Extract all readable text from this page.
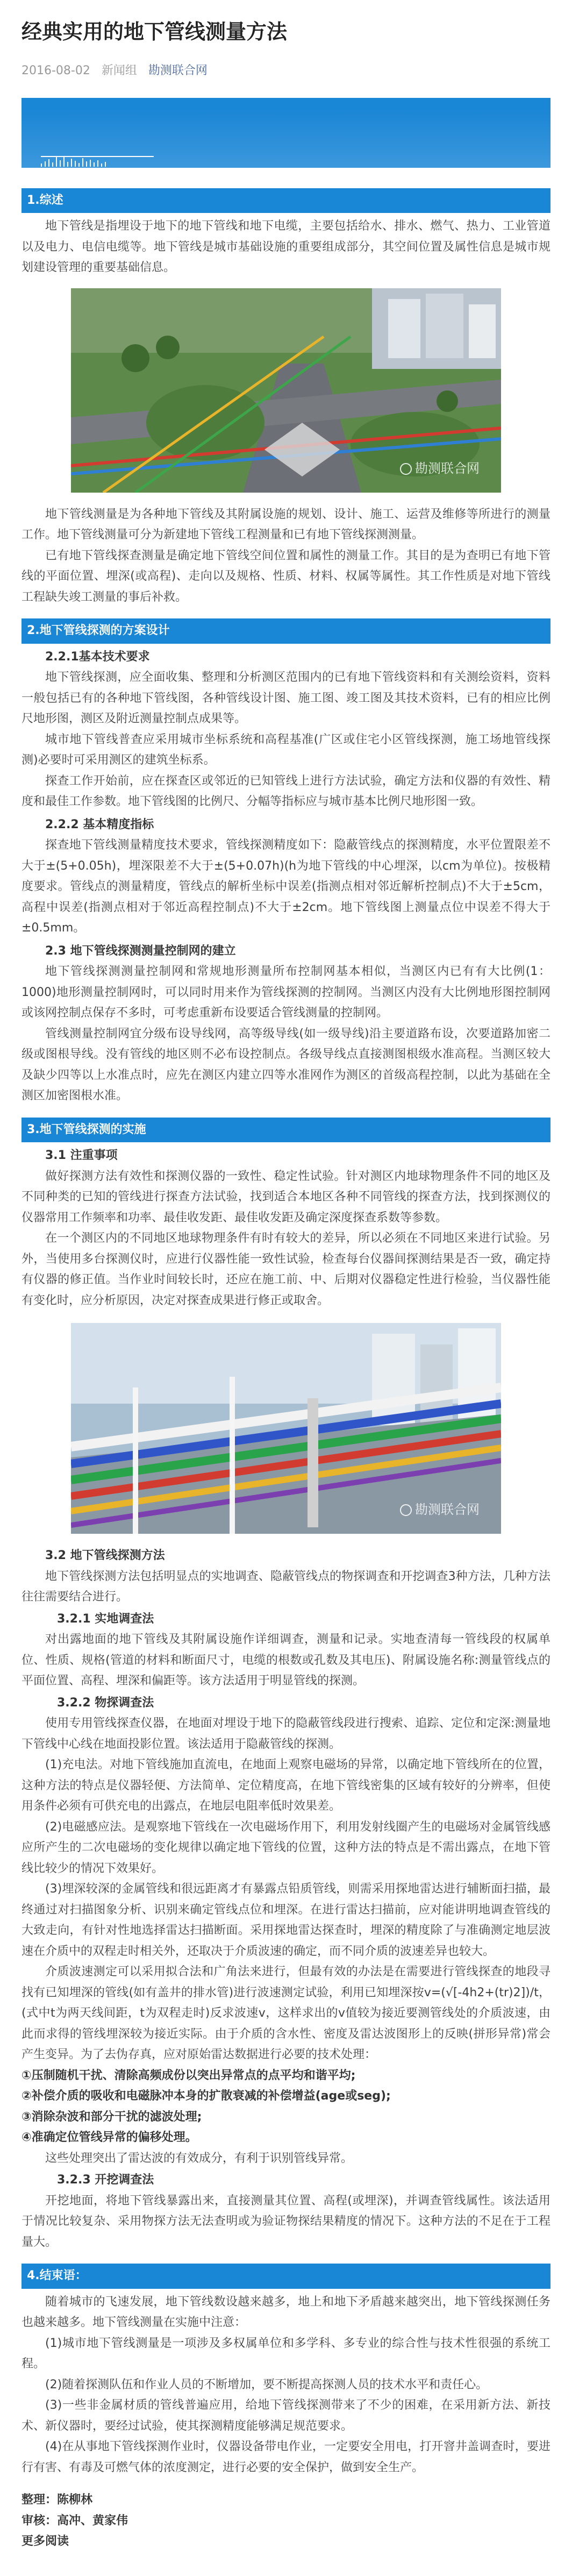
经典实用的地下管线测量方法
2016-08-02 新闻组 勘测联合网
1.综述

地下管线是指埋设于地下的地下管线和地下电缆，主要包括给水、排水、燃气、热力、工业管道以及电力、电信电缆等。地下管线是城市基础设施的重要组成部分，其空间位置及属性信息是城市规划建设管理的重要基础信息。

勘测联合网

地下管线测量是为各种地下管线及其附属设施的规划、设计、施工、运营及维修等所进行的测量工作。地下管线测量可分为新建地下管线工程测量和已有地下管线探测测量。

已有地下管线探查测量是确定地下管线空间位置和属性的测量工作。其目的是为查明已有地下管线的平面位置、埋深(或高程)、走向以及规格、性质、材料、权属等属性。其工作性质是对地下管线工程缺失竣工测量的事后补救。

2.地下管线探测的方案设计
2.2.1基本技术要求

地下管线探测，应全面收集、整理和分析测区范围内的已有地下管线资料和有关测绘资料，资料一般包括已有的各种地下管线图，各种管线设计图、施工图、竣工图及其技术资料，已有的相应比例尺地形图，测区及附近测量控制点成果等。

城市地下管线普查应采用城市坐标系统和高程基准(广区或住宅小区管线探测，施工场地管线探测)必要时可采用测区的建筑坐标系。

探查工作开始前，应在探查区或邻近的已知管线上进行方法试验，确定方法和仪器的有效性、精度和最佳工作参数。地下管线图的比例尺、分幅等指标应与城市基本比例尺地形图一致。

2.2.2 基本精度指标

探查地下管线测量精度技术要求，管线探测精度如下：隐蔽管线点的探测精度，水平位置限差不大于±(5+0.05h)，埋深限差不大于±(5+0.07h)(h为地下管线的中心埋深，以cm为单位)。按极精度要求。管线点的测量精度，管线点的解析坐标中误差(指测点相对邻近解析控制点)不大于±5cm，高程中误差(指测点相对于邻近高程控制点)不大于±2cm。地下管线图上测量点位中误差不得大于±0.5mm。

2.3 地下管线探测测量控制网的建立

地下管线探测测量控制网和常规地形测量所布控制网基本相似，当测区内已有有大比例(1：1000)地形测量控制网时，可以同时用来作为管线探测的控制网。当测区内没有大比例地形图控制网或该网控制点保存不多时，可考虑重新布设要适合管线测量的控制网。

管线测量控制网宜分级布设导线网，高等级导线(如一级导线)沿主要道路布设，次要道路加密二级或图根导线。没有管线的地区则不必布设控制点。各级导线点直接测图根级水准高程。当测区较大及缺少四等以上水准点时，应先在测区内建立四等水准网作为测区的首级高程控制，以此为基础在全测区加密图根水准。

3.地下管线探测的实施
3.1 注重事项

做好探测方法有效性和探测仪器的一致性、稳定性试验。针对测区内地球物理条件不同的地区及不同种类的已知的管线进行探查方法试验，找到适合本地区各种不同管线的探查方法，找到探测仪的仪器常用工作频率和功率、最佳收发距、最佳收发距及确定深度探查系数等参数。

在一个测区内的不同地区地球物理条件有时有较大的差异，所以必须在不同地区来进行试验。另外，当使用多台探测仪时，应进行仪器性能一致性试验，检查每台仪器间探测结果是否一致，确定持有仪器的修正值。当作业时间较长时，还应在施工前、中、后期对仪器稳定性进行检验，当仪器性能有变化时，应分析原因，决定对探查成果进行修正或取舍。

勘测联合网
3.2 地下管线探测方法

地下管线探测方法包括明显点的实地调查、隐蔽管线点的物探调查和开挖调查3种方法，几种方法往往需要结合进行。

3.2.1 实地调查法

对出露地面的地下管线及其附属设施作详细调查，测量和记录。实地查清每一管线段的权属单位、性质、规格(管道的材料和断面尺寸，电缆的根数或孔数及其电压)、附属设施名称:测量管线点的平面位置、高程、埋深和偏距等。该方法适用于明显管线的探测。

3.2.2 物探调查法

使用专用管线探查仪器，在地面对埋设于地下的隐蔽管线段进行搜索、追踪、定位和定深:测量地下管线中心线在地面投影位置。该法适用于隐蔽管线的探测。

(1)充电法。对地下管线施加直流电，在地面上观察电磁场的异常，以确定地下管线所在的位置，这种方法的特点是仪器轻便、方法简单、定位精度高，在地下管线密集的区域有较好的分辨率，但使用条件必须有可供充电的出露点，在地层电阻率低时效果差。

(2)电磁感应法。是观察地下管线在一次电磁场作用下，利用发射线圈产生的电磁场对金属管线感应所产生的二次电磁场的变化规律以确定地下管线的位置，这种方法的特点是不需出露点，在地下管线比较少的情况下效果好。

(3)埋深较深的金属管线和很远距离才有暴露点铅质管线，则需采用探地雷达进行辅断面扫描，最终通过对扫描图象分析、识别来确定管线点位和埋深。在进行雷达扫描前，应对能讲明地调查管线的大致走向，有针对性地选择雷达扫描断面。采用探地雷达探查时，埋深的精度除了与准确测定地层波速在介质中的双程走时相关外，还取决于介质波速的确定，而不同介质的波速差异也较大。

介质波速测定可以采用拟合法和广角法来进行，但最有效的办法是在需要进行管线探查的地段寻找有已知埋深的管线(如有盖井的排水管)进行波速测定试验，利用已知埋深按v=(√[-4h2+(tr)2])/t，(式中t为两天线间距，t为双程走时)反求波速v，这样求出的v值较为接近要测管线处的介质波速，由此而求得的管线埋深较为接近实际。由于介质的含水性、密度及雷达波图形上的反映(拼形异常)常会产生变异。为了去伪存真，应对原始雷达数据进行必要的技术处理：

①压制随机干扰、清除高频成份以突出异常点的点平均和谐平均;

②补偿介质的吸收和电磁脉冲本身的扩散衰减的补偿增益(age或seg);

③消除杂波和部分干扰的滤波处理;

④准确定位管线异常的偏移处理。

这些处理突出了雷达波的有效成分，有利于识别管线异常。

3.2.3 开挖调查法

开挖地面，将地下管线暴露出来，直接测量其位置、高程(或埋深)，并调查管线属性。该法适用于情况比较复杂、采用物探方法无法查明或为验证物探结果精度的情况下。这种方法的不足在于工程量大。

4.结束语：

随着城市的飞速发展，地下管线数设越来越多，地上和地下矛盾越来越突出，地下管线探测任务也越来越多。地下管线测量在实施中注意：

(1)城市地下管线测量是一项涉及多权属单位和多学科、多专业的综合性与技术性很强的系统工程。

(2)随着探测队伍和作业人员的不断增加，要不断提高探测人员的技术水平和责任心。

(3)一些非金属材质的管线普遍应用，给地下管线探测带来了不少的困难，在采用新方法、新技术、新仪器时，要经过试验，使其探测精度能够满足规范要求。

(4)在从事地下管线探测作业时，仪器设备带电作业，一定要安全用电，打开窨井盖调查时，要进行有害、有毒及可燃气体的浓度测定，进行必要的安全保护，做到安全生产。

整理：陈柳林
审核：高冲、黄家伟
更多阅读
